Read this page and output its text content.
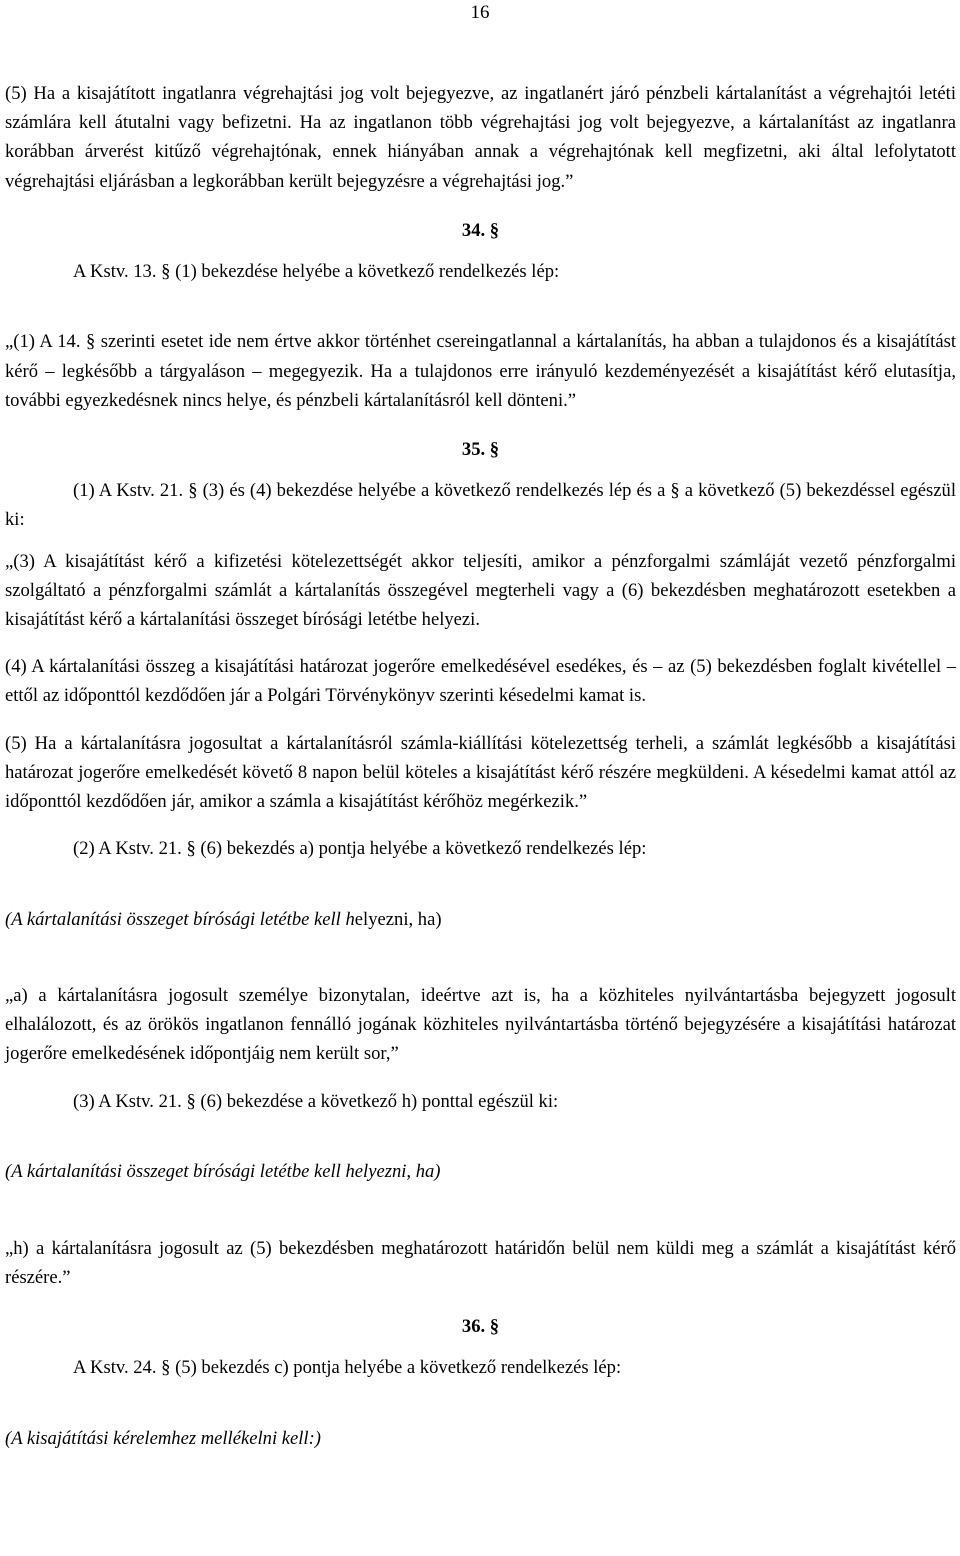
16

(5) Ha a kisajátított ingatlanra végrehajtási jog volt bejegyezve, az ingatlanért járó pénzbeli kártalanítást a végrehajtói letéti számlára kell átutalni vagy befizetni. Ha az ingatlanon több végrehajtási jog volt bejegyezve, a kártalanítást az ingatlanra korábban árverést kitűző végrehajtónak, ennek hiányában annak a végrehajtónak kell megfizetni, aki által lefolytatott végrehajtási eljárásban a legkorábban került bejegyzésre a végrehajtási jog.”

34. §

A Kstv. 13. § (1) bekezdése helyébe a következő rendelkezés lép:

„(1) A 14. § szerinti esetet ide nem értve akkor történhet csereingatlannal a kártalanítás, ha abban a tulajdonos és a kisajátítást kérő – legkésőbb a tárgyaláson – megegyezik. Ha a tulajdonos erre irányuló kezdeményezését a kisajátítást kérő elutasítja, további egyezkedésnek nincs helye, és pénzbeli kártalanításról kell dönteni.”

35. §

(1) A Kstv. 21. § (3) és (4) bekezdése helyébe a következő rendelkezés lép és a § a következő (5) bekezdéssel egészül ki:

„(3) A kisajátítást kérő a kifizetési kötelezettségét akkor teljesíti, amikor a pénzforgalmi számláját vezető pénzforgalmi szolgáltató a pénzforgalmi számlát a kártalanítás összegével megterheli vagy a (6) bekezdésben meghatározott esetekben a kisajátítást kérő a kártalanítási összeget bírósági letétbe helyezi.

(4) A kártalanítási összeg a kisajátítási határozat jogerőre emelkedésével esedékes, és – az (5) bekezdésben foglalt kivétellel – ettől az időponttól kezdődően jár a Polgári Törvénykönyv szerinti késedelmi kamat is.

(5) Ha a kártalanításra jogosultat a kártalanításról számla-kiállítási kötelezettség terheli, a számlát legkésőbb a kisajátítási határozat jogerőre emelkedését követő 8 napon belül köteles a kisajátítást kérő részére megküldeni. A késedelmi kamat attól az időponttól kezdődően jár, amikor a számla a kisajátítást kérőhöz megérkezik.”

(2) A Kstv. 21. § (6) bekezdés a) pontja helyébe a következő rendelkezés lép:

(A kártalanítási összeget bírósági letétbe kell helyezni, ha)

„a) a kártalanításra jogosult személye bizonytalan, ideértve azt is, ha a közhiteles nyilvántartásba bejegyzett jogosult elhalálozott, és az örökös ingatlanon fennálló jogának közhiteles nyilvántartásba történő bejegyzésére a kisajátítási határozat jogerőre emelkedésének időpontjáig nem került sor,”

(3) A Kstv. 21. § (6) bekezdése a következő h) ponttal egészül ki:

(A kártalanítási összeget bírósági letétbe kell helyezni, ha)

„h) a kártalanításra jogosult az (5) bekezdésben meghatározott határidőn belül nem küldi meg a számlát a kisajátítást kérő részére.”

36. §

A Kstv. 24. § (5) bekezdés c) pontja helyébe a következő rendelkezés lép:

(A kisajátítási kérelemhez mellékelni kell:)
